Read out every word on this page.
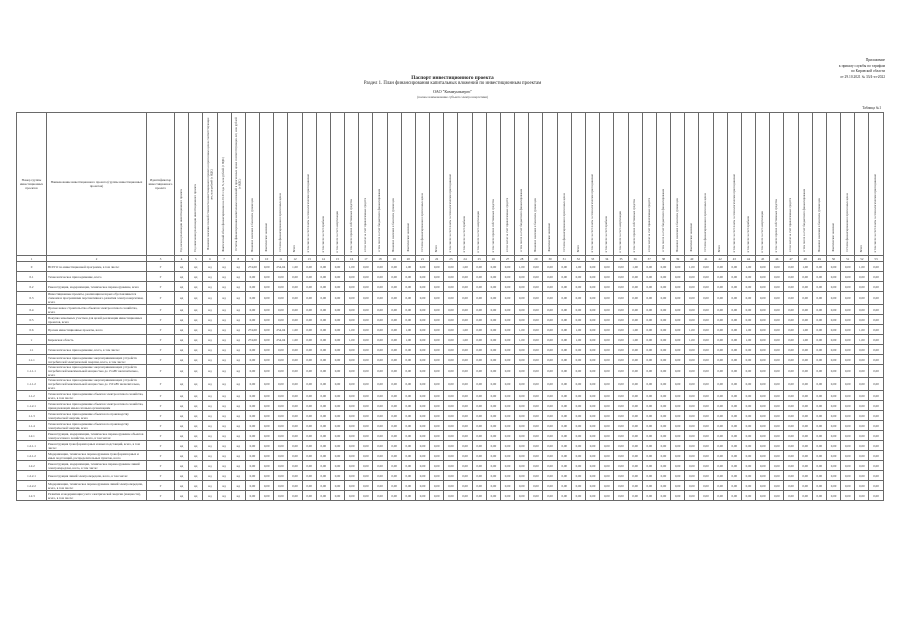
Приложение
к приказу службы по тарифам
по Кировской области
от 29.10.2021 № 33/4-ээ-2022
Паспорт инвестиционного проекта
Раздел 1. План финансирования капитальных вложений по инвестиционным проектам
ОАО "Коммунэнерго"
(полное наименование субъекта электроэнергетики)
Таблица №1
Номер группы инвестиционных проектов	Наименование инвестиционного проекта (группы инвестиционных проектов)	Идентификатор инвестиционного проекта	Год начала реализации инвестиционного проекта	Год окончания реализации инвестиционного проекта	Плановое значение полной стоимости инвестиционного проекта в прогнозных ценах соответствующих лет, млн рублей (с НДС)	Фактический объем финансирования на 01.01 года N, млн рублей (с НДС)	Остаток финансирования капитальных вложений в прогнозных ценах соответствующих лет, млн рублей (с НДС)	Плановое значение в базисном уровне цен	Фактическое значение	Остаток финансирования в прогнозных ценах	Всего	в том числе за счет платы за технологическое присоединение	в том числе за счет прибыли	в том числе за счет амортизации	в том числе прочие собственные средства	в том числе за счет привлеченных средств	в том числе за счет бюджетного финансирования	Плановое значение в базисном уровне цен	Фактическое значение	Остаток финансирования в прогнозных ценах	Всего	в том числе за счет платы за технологическое присоединение	в том числе за счет прибыли	в том числе за счет амортизации	в том числе прочие собственные средства	в том числе за счет привлеченных средств	в том числе за счет бюджетного финансирования	Плановое значение в базисном уровне цен	Фактическое значение	Остаток финансирования в прогнозных ценах	Всего	в том числе за счет платы за технологическое присоединение	в том числе за счет прибыли	в том числе за счет амортизации	в том числе прочие собственные средства	в том числе за счет привлеченных средств	в том числе за счет бюджетного финансирования	Плановое значение в базисном уровне цен	Фактическое значение	Остаток финансирования в прогнозных ценах	Всего	в том числе за счет платы за технологическое присоединение	в том числе за счет прибыли	в том числе за счет амортизации	в том числе прочие собственные средства	в том числе за счет привлеченных средств	в том числе за счет бюджетного финансирования	Плановое значение в базисном уровне цен	Фактическое значение	Остаток финансирования в прогнозных ценах	Всего	в том числе за счет платы за технологическое присоединение
1	2	3	4	5	6	7	8	9	10	11	12	13	14	15	16	17	18	19	20	21	22	23	24	25	26	27	28	29	30	31	32	33	34	35	36	37	38	39	40	41	42	43	44	45	46	47	48	49	50	51	52	53
0	ВСЕГО по инвестиционной программе, в том числе:	Г	нд	нд	нд	нд	нд	274,00	0,00	254,04	1,00	0,00	0,00	0,00	1,00	0,00	0,00	0,00	1,00	0,00	0,00	0,00	1,00	0,00	0,00	0,00	1,00	0,00	0,00	0,00	1,00	0,00	0,00	0,00	1,00	0,00	0,00	0,00	1,00	0,00	0,00	0,00	1,00	0,00	0,00	0,00	1,00	0,00	0,00	0,00	1,00	0,00
0.1	Технологическое присоединение, всего	Г	нд	нд	нд	нд	нд	0,00	0,00	0,00	0,00	0,00	0,00	0,00	0,00	0,00	0,00	0,00	0,00	0,00	0,00	0,00	0,00	0,00	0,00	0,00	0,00	0,00	0,00	0,00	0,00	0,00	0,00	0,00	0,00	0,00	0,00	0,00	0,00	0,00	0,00	0,00	0,00	0,00	0,00	0,00	0,00	0,00	0,00	0,00	0,00	0,00
0.2	Реконструкция, модернизация, техническое перевооружение, всего	Г	нд	нд	нд	нд	нд	0,00	0,00	0,00	0,00	0,00	0,00	0,00	0,00	0,00	0,00	0,00	0,00	0,00	0,00	0,00	0,00	0,00	0,00	0,00	0,00	0,00	0,00	0,00	0,00	0,00	0,00	0,00	0,00	0,00	0,00	0,00	0,00	0,00	0,00	0,00	0,00	0,00	0,00	0,00	0,00	0,00	0,00	0,00	0,00	0,00
0.3	Инвестиционные проекты, реализация которых обусловливается схемами и программами перспективного развития электроэнергетики, всего	Г	нд	нд	нд	нд	нд	0,00	0,00	0,00	0,00	0,00	0,00	0,00	0,00	0,00	0,00	0,00	0,00	0,00	0,00	0,00	0,00	0,00	0,00	0,00	0,00	0,00	0,00	0,00	0,00	0,00	0,00	0,00	0,00	0,00	0,00	0,00	0,00	0,00	0,00	0,00	0,00	0,00	0,00	0,00	0,00	0,00	0,00	0,00	0,00	0,00
0.4	Прочее новое строительство объектов электросетевого хозяйства, всего	Г	нд	нд	нд	нд	нд	0,00	0,00	0,00	0,00	0,00	0,00	0,00	0,00	0,00	0,00	0,00	0,00	0,00	0,00	0,00	0,00	0,00	0,00	0,00	0,00	0,00	0,00	0,00	0,00	0,00	0,00	0,00	0,00	0,00	0,00	0,00	0,00	0,00	0,00	0,00	0,00	0,00	0,00	0,00	0,00	0,00	0,00	0,00	0,00	0,00
0.5	Покупка земельных участков для целей реализации инвестиционных проектов, всего	Г	нд	нд	нд	нд	нд	0,00	0,00	0,00	0,00	0,00	0,00	0,00	0,00	0,00	0,00	0,00	0,00	0,00	0,00	0,00	0,00	0,00	0,00	0,00	0,00	0,00	0,00	0,00	0,00	0,00	0,00	0,00	0,00	0,00	0,00	0,00	0,00	0,00	0,00	0,00	0,00	0,00	0,00	0,00	0,00	0,00	0,00	0,00	0,00	0,00
0.6	Прочие инвестиционные проекты, всего	Г	нд	нд	нд	нд	нд	274,00	0,00	254,04	1,00	0,00	0,00	0,00	1,00	0,00	0,00	0,00	1,00	0,00	0,00	0,00	1,00	0,00	0,00	0,00	1,00	0,00	0,00	0,00	1,00	0,00	0,00	0,00	1,00	0,00	0,00	0,00	1,00	0,00	0,00	0,00	1,00	0,00	0,00	0,00	1,00	0,00	0,00	0,00	1,00	0,00
1	Кировская область	Г	нд	нд	нд	нд	нд	274,00	0,00	254,04	1,00	0,00	0,00	0,00	1,00	0,00	0,00	0,00	1,00	0,00	0,00	0,00	1,00	0,00	0,00	0,00	1,00	0,00	0,00	0,00	1,00	0,00	0,00	0,00	1,00	0,00	0,00	0,00	1,00	0,00	0,00	0,00	1,00	0,00	0,00	0,00	1,00	0,00	0,00	0,00	1,00	0,00
1.1	Технологическое присоединение, всего, в том числе:	Г	нд	нд	нд	нд	нд	0,00	0,00	0,00	0,00	0,00	0,00	0,00	0,00	0,00	0,00	0,00	0,00	0,00	0,00	0,00	0,00	0,00	0,00	0,00	0,00	0,00	0,00	0,00	0,00	0,00	0,00	0,00	0,00	0,00	0,00	0,00	0,00	0,00	0,00	0,00	0,00	0,00	0,00	0,00	0,00	0,00	0,00	0,00	0,00	0,00
1.1.1	Технологическое присоединение энергопринимающих устройств потребителей электрической энергии, всего, в том числе:	Г	нд	нд	нд	нд	нд	0,00	0,00	0,00	0,00	0,00	0,00	0,00	0,00	0,00	0,00	0,00	0,00	0,00	0,00	0,00	0,00	0,00	0,00	0,00	0,00	0,00	0,00	0,00	0,00	0,00	0,00	0,00	0,00	0,00	0,00	0,00	0,00	0,00	0,00	0,00	0,00	0,00	0,00	0,00	0,00	0,00	0,00	0,00	0,00	0,00
1.1.1.1	Технологическое присоединение энергопринимающих устройств потребителей максимальной мощностью до 15 кВт включительно, всего	Г	нд	нд	нд	нд	нд	0,00	0,00	0,00	0,00	0,00	0,00	0,00	0,00	0,00	0,00	0,00	0,00	0,00	0,00	0,00	0,00	0,00	0,00	0,00	0,00	0,00	0,00	0,00	0,00	0,00	0,00	0,00	0,00	0,00	0,00	0,00	0,00	0,00	0,00	0,00	0,00	0,00	0,00	0,00	0,00	0,00	0,00	0,00	0,00	0,00
1.1.1.2	Технологическое присоединение энергопринимающих устройств потребителей максимальной мощностью до 150 кВт включительно, всего	Г	нд	нд	нд	нд	нд	0,00	0,00	0,00	0,00	0,00	0,00	0,00	0,00	0,00	0,00	0,00	0,00	0,00	0,00	0,00	0,00	0,00	0,00	0,00	0,00	0,00	0,00	0,00	0,00	0,00	0,00	0,00	0,00	0,00	0,00	0,00	0,00	0,00	0,00	0,00	0,00	0,00	0,00	0,00	0,00	0,00	0,00	0,00	0,00	0,00
1.1.2	Технологическое присоединение объектов электросетевого хозяйства, всего, в том числе:	Г	нд	нд	нд	нд	нд	0,00	0,00	0,00	0,00	0,00	0,00	0,00	0,00	0,00	0,00	0,00	0,00	0,00	0,00	0,00	0,00	0,00	0,00	0,00	0,00	0,00	0,00	0,00	0,00	0,00	0,00	0,00	0,00	0,00	0,00	0,00	0,00	0,00	0,00	0,00	0,00	0,00	0,00	0,00	0,00	0,00	0,00	0,00	0,00	0,00
1.1.2.1	Технологическое присоединение объектов электросетевого хозяйства, принадлежащих иным сетевым организациям	Г	нд	нд	нд	нд	нд	0,00	0,00	0,00	0,00	0,00	0,00	0,00	0,00	0,00	0,00	0,00	0,00	0,00	0,00	0,00	0,00	0,00	0,00	0,00	0,00	0,00	0,00	0,00	0,00	0,00	0,00	0,00	0,00	0,00	0,00	0,00	0,00	0,00	0,00	0,00	0,00	0,00	0,00	0,00	0,00	0,00	0,00	0,00	0,00	0,00
1.1.3	Технологическое присоединение объектов по производству электрической энергии, всего	Г	нд	нд	нд	нд	нд	0,00	0,00	0,00	0,00	0,00	0,00	0,00	0,00	0,00	0,00	0,00	0,00	0,00	0,00	0,00	0,00	0,00	0,00	0,00	0,00	0,00	0,00	0,00	0,00	0,00	0,00	0,00	0,00	0,00	0,00	0,00	0,00	0,00	0,00	0,00	0,00	0,00	0,00	0,00	0,00	0,00	0,00	0,00	0,00	0,00
1.1.4	Технологическое присоединение объектов по производству электрической энергии, всего	Г	нд	нд	нд	нд	нд	0,00	0,00	0,00	0,00	0,00	0,00	0,00	0,00	0,00	0,00	0,00	0,00	0,00	0,00	0,00	0,00	0,00	0,00	0,00	0,00	0,00	0,00	0,00	0,00	0,00	0,00	0,00	0,00	0,00	0,00	0,00	0,00	0,00	0,00	0,00	0,00	0,00	0,00	0,00	0,00	0,00	0,00	0,00	0,00	0,00
1.2.1	Реконструкция, модернизация, техническое перевооружение объектов электросетевого хозяйства, всего, в том числе:	Г	нд	нд	нд	нд	нд	0,00	0,00	0,00	0,00	0,00	0,00	0,00	0,00	0,00	0,00	0,00	0,00	0,00	0,00	0,00	0,00	0,00	0,00	0,00	0,00	0,00	0,00	0,00	0,00	0,00	0,00	0,00	0,00	0,00	0,00	0,00	0,00	0,00	0,00	0,00	0,00	0,00	0,00	0,00	0,00	0,00	0,00	0,00	0,00	0,00
1.2.1.1	Реконструкция трансформаторных и иных подстанций, всего, в том числе:	Г	нд	нд	нд	нд	нд	0,00	0,00	0,00	0,00	0,00	0,00	0,00	0,00	0,00	0,00	0,00	0,00	0,00	0,00	0,00	0,00	0,00	0,00	0,00	0,00	0,00	0,00	0,00	0,00	0,00	0,00	0,00	0,00	0,00	0,00	0,00	0,00	0,00	0,00	0,00	0,00	0,00	0,00	0,00	0,00	0,00	0,00	0,00	0,00	0,00
1.2.1.2	Модернизация, техническое перевооружение трансформаторных и иных подстанций, распределительных пунктов, всего	Г	нд	нд	нд	нд	нд	0,00	0,00	0,00	0,00	0,00	0,00	0,00	0,00	0,00	0,00	0,00	0,00	0,00	0,00	0,00	0,00	0,00	0,00	0,00	0,00	0,00	0,00	0,00	0,00	0,00	0,00	0,00	0,00	0,00	0,00	0,00	0,00	0,00	0,00	0,00	0,00	0,00	0,00	0,00	0,00	0,00	0,00	0,00	0,00	0,00
1.2.2	Реконструкция, модернизация, техническое перевооружение линий электропередачи, всего, в том числе:	Г	нд	нд	нд	нд	нд	0,00	0,00	0,00	0,00	0,00	0,00	0,00	0,00	0,00	0,00	0,00	0,00	0,00	0,00	0,00	0,00	0,00	0,00	0,00	0,00	0,00	0,00	0,00	0,00	0,00	0,00	0,00	0,00	0,00	0,00	0,00	0,00	0,00	0,00	0,00	0,00	0,00	0,00	0,00	0,00	0,00	0,00	0,00	0,00	0,00
1.2.2.1	Реконструкция линий электропередачи, всего, в том числе:	Г	нд	нд	нд	нд	нд	0,00	0,00	0,00	0,00	0,00	0,00	0,00	0,00	0,00	0,00	0,00	0,00	0,00	0,00	0,00	0,00	0,00	0,00	0,00	0,00	0,00	0,00	0,00	0,00	0,00	0,00	0,00	0,00	0,00	0,00	0,00	0,00	0,00	0,00	0,00	0,00	0,00	0,00	0,00	0,00	0,00	0,00	0,00	0,00	0,00
1.2.2.2	Модернизация, техническое перевооружение линий электропередачи, всего, в том числе:	Г	нд	нд	нд	нд	нд	0,00	0,00	0,00	0,00	0,00	0,00	0,00	0,00	0,00	0,00	0,00	0,00	0,00	0,00	0,00	0,00	0,00	0,00	0,00	0,00	0,00	0,00	0,00	0,00	0,00	0,00	0,00	0,00	0,00	0,00	0,00	0,00	0,00	0,00	0,00	0,00	0,00	0,00	0,00	0,00	0,00	0,00	0,00	0,00	0,00
1.2.3	Развитие и модернизация учета электрической энергии (мощности), всего, в том числе:	Г	нд	нд	нд	нд	нд	0,00	0,00	0,00	0,00	0,00	0,00	0,00	0,00	0,00	0,00	0,00	0,00	0,00	0,00	0,00	0,00	0,00	0,00	0,00	0,00	0,00	0,00	0,00	0,00	0,00	0,00	0,00	0,00	0,00	0,00	0,00	0,00	0,00	0,00	0,00	0,00	0,00	0,00	0,00	0,00	0,00	0,00	0,00	0,00	0,00
